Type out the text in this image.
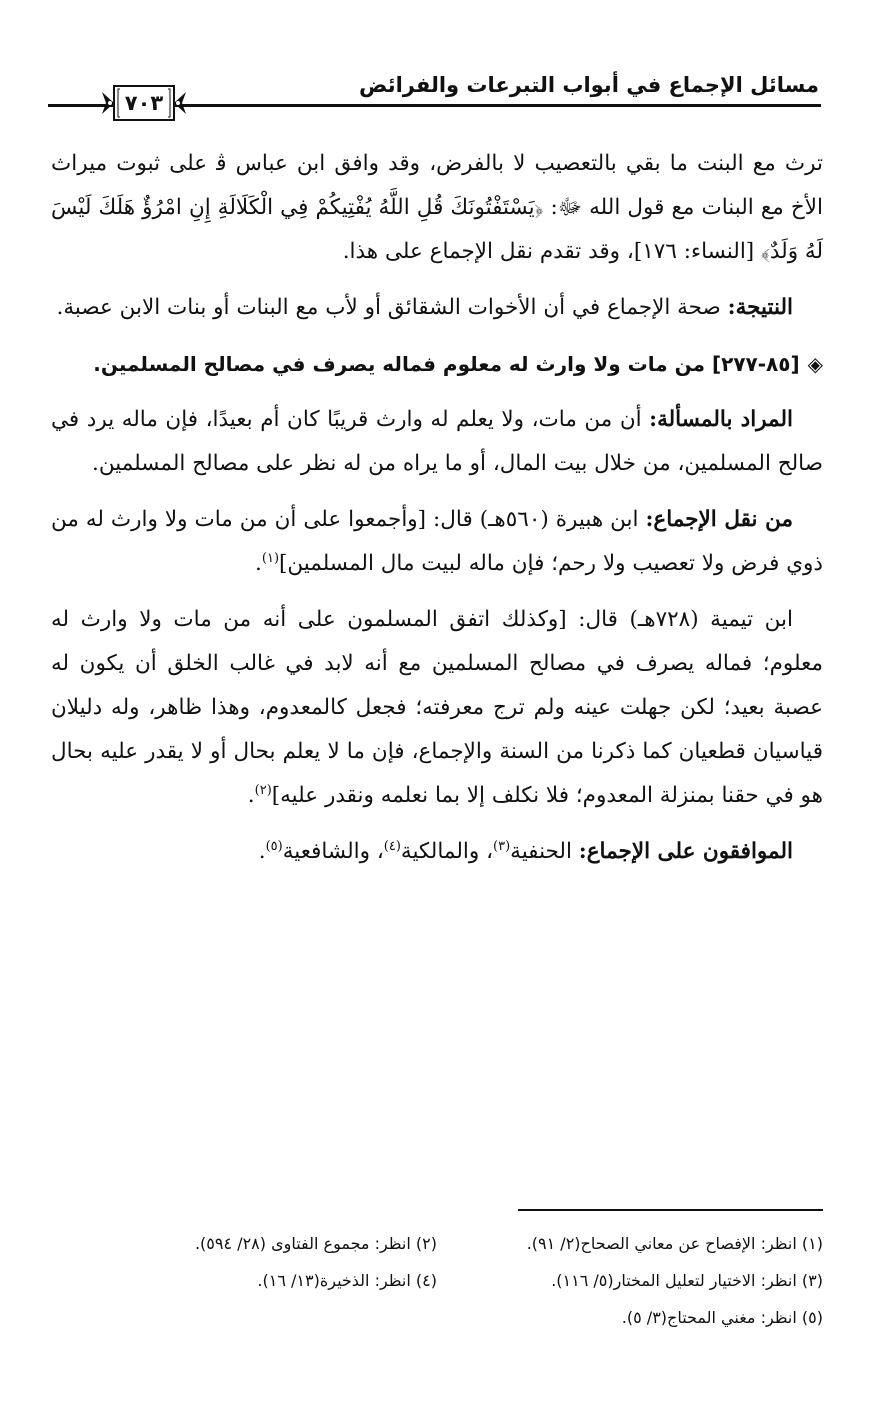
مسائل الإجماع في أبواب التبرعات والفرائض
٧٠٣

ترث مع البنت ما بقي بالتعصيب لا بالفرض، وقد وافق ابن عباس ﭬ على ثبوت ميراث الأخ مع البنات مع قول الله ﷻ: ﴿يَسْتَفْتُونَكَ قُلِ اللَّهُ يُفْتِيكُمْ فِي الْكَلَالَةِ إِنِ امْرُؤٌ هَلَكَ لَيْسَ لَهُ وَلَدٌ﴾ [النساء: ١٧٦]، وقد تقدم نقل الإجماع على هذا.

النتيجة: صحة الإجماع في أن الأخوات الشقائق أو لأب مع البنات أو بنات الابن عصبة.

◈[٨٥-٢٧٧] من مات ولا وارث له معلوم فماله يصرف في مصالح المسلمين.

المراد بالمسألة: أن من مات، ولا يعلم له وارث قريبًا كان أم بعيدًا، فإن ماله يرد في صالح المسلمين، من خلال بيت المال، أو ما يراه من له نظر على مصالح المسلمين.

من نقل الإجماع: ابن هبيرة (٥٦٠هـ) قال: [وأجمعوا على أن من مات ولا وارث له من ذوي فرض ولا تعصيب ولا رحم؛ فإن ماله لبيت مال المسلمين]$^{(١)}$.

ابن تيمية (٧٢٨هـ) قال: [وكذلك اتفق المسلمون على أنه من مات ولا وارث له معلوم؛ فماله يصرف في مصالح المسلمين مع أنه لابد في غالب الخلق أن يكون له عصبة بعيد؛ لكن جهلت عينه ولم ترج معرفته؛ فجعل كالمعدوم، وهذا ظاهر، وله دليلان قياسيان قطعيان كما ذكرنا من السنة والإجماع، فإن ما لا يعلم بحال أو لا يقدر عليه بحال هو في حقنا بمنزلة المعدوم؛ فلا نكلف إلا بما نعلمه ونقدر عليه]$^{(٢)}$.

الموافقون على الإجماع: الحنفية$^{(٣)}$، والمالكية$^{(٤)}$، والشافعية$^{(٥)}$.

(١) انظر: الإفصاح عن معاني الصحاح(٢/ ٩١).
(٢) انظر: مجموع الفتاوى (٢٨/ ٥٩٤).
(٣) انظر: الاختيار لتعليل المختار(٥/ ١١٦).
(٤) انظر: الذخيرة(١٣/ ١٦).
(٥) انظر: مغني المحتاج(٣/ ٥).
